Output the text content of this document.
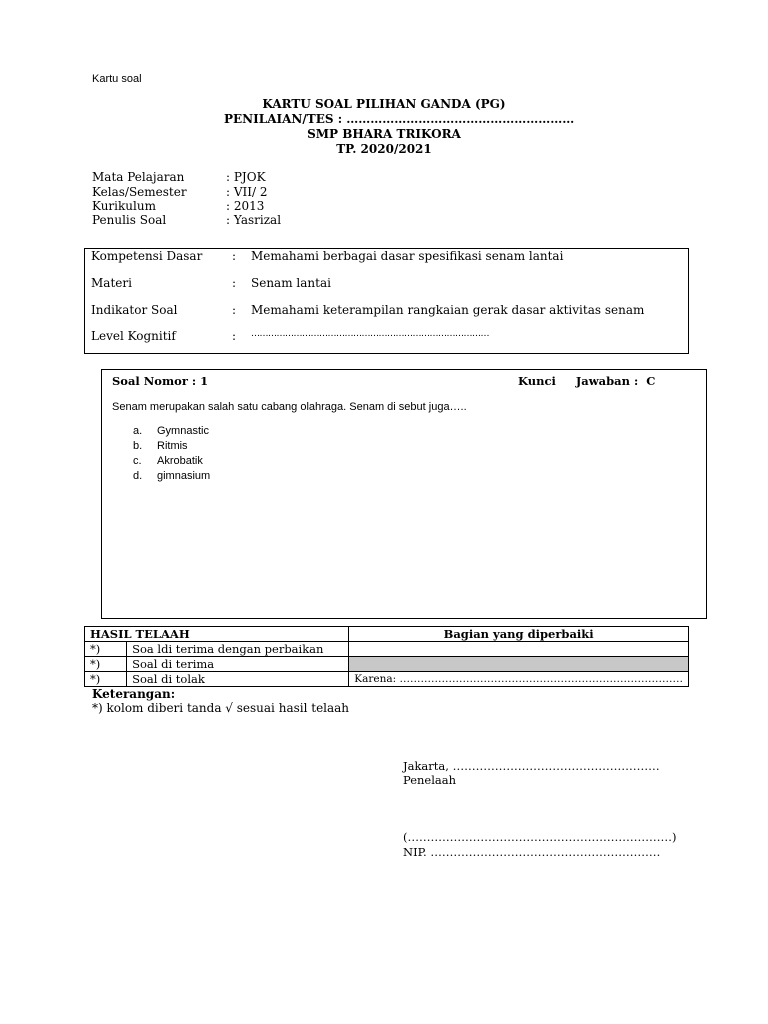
Kartu soal
KARTU SOAL PILIHAN GANDA (PG)
PENILAIAN/TES : …………………………………………………
SMP BHARA TRIKORA
TP. 2020/2021
Mata Pelajaran	: PJOK
Kelas/Semester	: VII/ 2
Kurikulum	: 2013
Penulis Soal	: Yasrizal
Kompetensi Dasar : Memahami berbagai dasar spesifikasi senam lantai
Materi	: Senam lantai
Indikator Soal	: Memahami keterampilan rangkaian gerak dasar aktivitas senam
Level Kognitif	: …………………………………………………………………………
Soal Nomor : 1	Kunci     Jawaban :  C
Senam merupakan salah satu cabang olahraga. Senam di sebut juga…..
a. Gymnastic
b. Ritmis
c. Akrobatik
d. gimnasium
HASIL TELAAH		Bagian yang diperbaiki
*)	Soa ldi terima dengan perbaikan	
*)	Soal di terima	
*)	Soal di tolak	Karena: ………………………………………………………………………
Keterangan:
*) kolom diberi tanda √ sesuai hasil telaah
Jakarta, ………………………………………………
Penelaah
(……………………………………………………………)
NIP. ……………………………………………………
